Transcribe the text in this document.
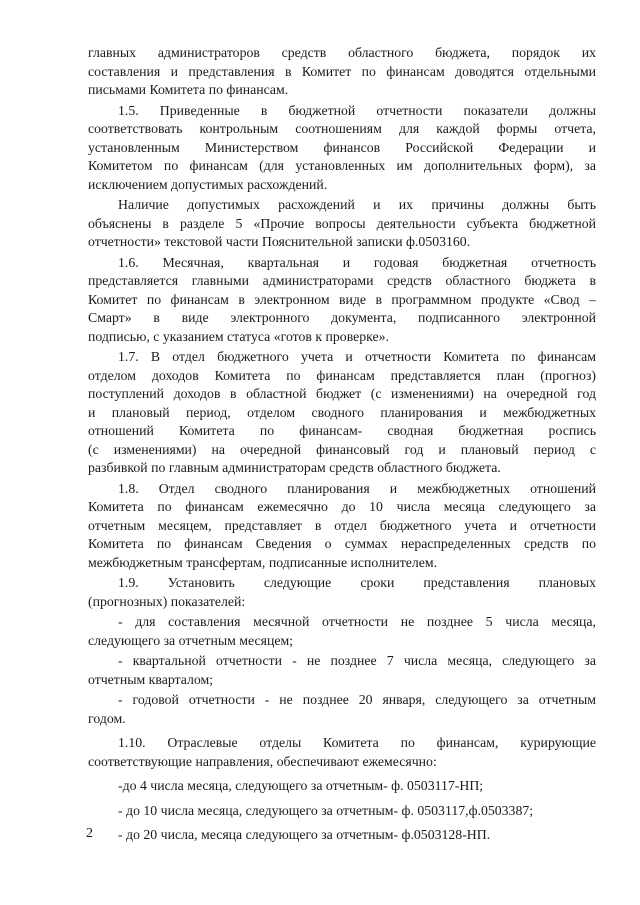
главных администраторов средств областного бюджета, порядок их
составления и представления в Комитет по финансам доводятся отдельными
письмами Комитета по финансам.

1.5. Приведенные в бюджетной отчетности показатели должны
соответствовать контрольным соотношениям для каждой формы отчета,
установленным Министерством финансов Российской Федерации и
Комитетом по финансам (для установленных им дополнительных форм), за
исключением допустимых расхождений.

Наличие допустимых расхождений и их причины должны быть
объяснены в разделе 5 «Прочие вопросы деятельности субъекта бюджетной
отчетности» текстовой части Пояснительной записки ф.0503160.

1.6. Месячная, квартальная и годовая бюджетная отчетность
представляется главными администраторами средств областного бюджета в
Комитет по финансам в электронном виде в программном продукте «Свод –
Смарт» в виде электронного документа, подписанного электронной
подписью, с указанием статуса «готов к проверке».

1.7. В отдел бюджетного учета и отчетности Комитета по финансам
отделом доходов Комитета по финансам представляется план (прогноз)
поступлений доходов в областной бюджет (с изменениями) на очередной год
и плановый период, отделом сводного планирования и межбюджетных
отношений Комитета по финансам- сводная бюджетная роспись
(с изменениями) на очередной финансовый год и плановый период с
разбивкой по главным администраторам средств областного бюджета.

1.8. Отдел сводного планирования и межбюджетных отношений
Комитета по финансам ежемесячно до 10 числа месяца следующего за
отчетным месяцем, представляет в отдел бюджетного учета и отчетности
Комитета по финансам Сведения о суммах нераспределенных средств по
межбюджетным трансфертам, подписанные исполнителем.

1.9. Установить следующие сроки представления плановых
(прогнозных) показателей:

- для составления месячной отчетности не позднее 5 числа месяца,
следующего за отчетным месяцем;

- квартальной отчетности - не позднее 7 числа месяца, следующего за
отчетным кварталом;

- годовой отчетности - не позднее 20 января, следующего за отчетным
годом.

1.10. Отраслевые отделы Комитета по финансам, курирующие
соответствующие направления, обеспечивают ежемесячно:

-до 4 числа месяца, следующего за отчетным- ф. 0503117-НП;

- до 10 числа месяца, следующего за отчетным- ф. 0503117,ф.0503387;

- до 20 числа, месяца следующего за отчетным- ф.0503128-НП.

2
